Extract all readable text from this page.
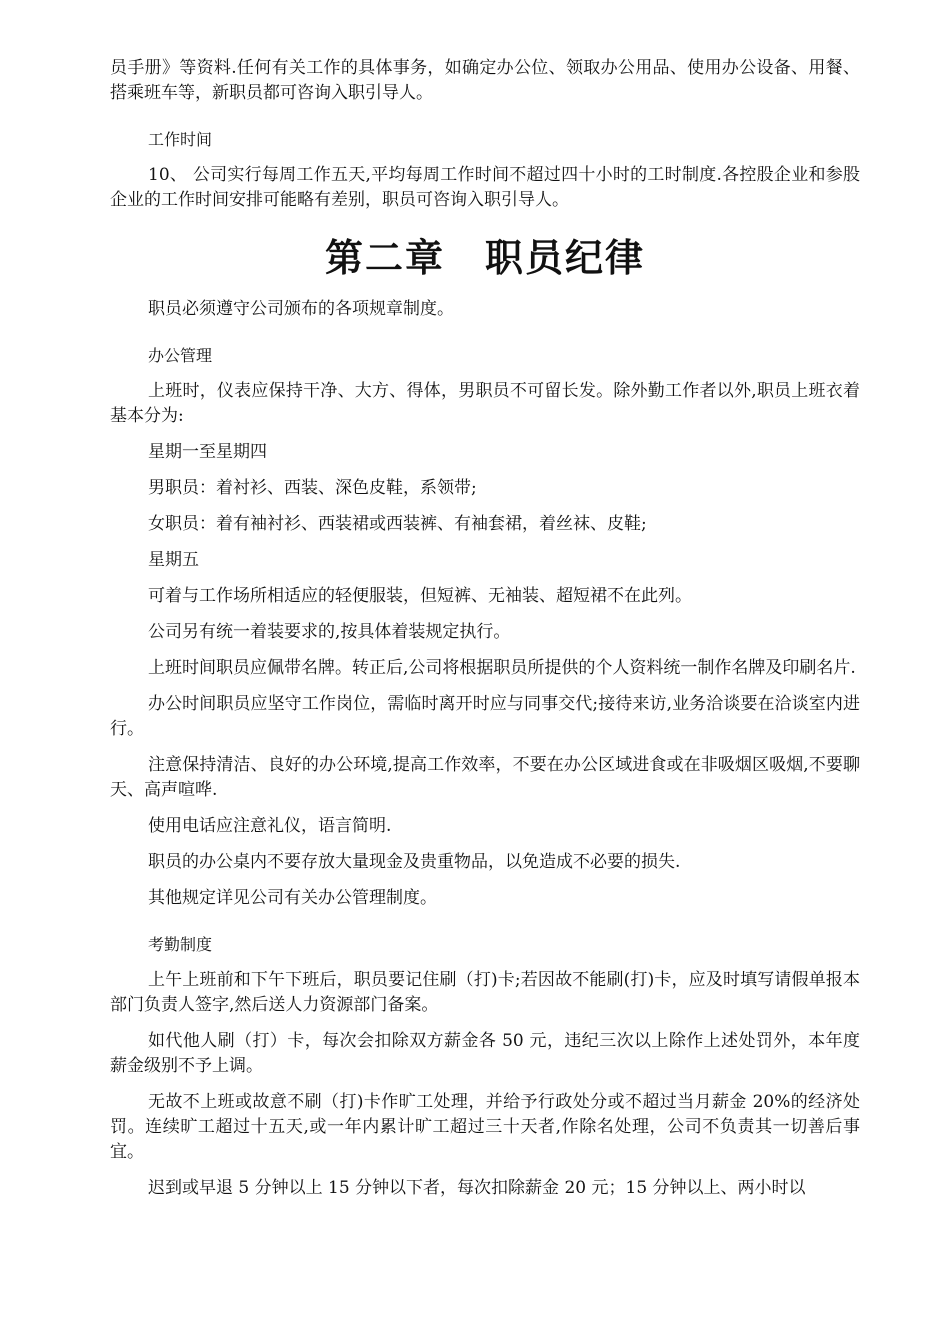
员手册》等资料.任何有关工作的具体事务，如确定办公位、领取办公用品、使用办公设备、用餐、搭乘班车等，新职员都可咨询入职引导人。

工作时间

10、 公司实行每周工作五天,平均每周工作时间不超过四十小时的工时制度.各控股企业和参股企业的工作时间安排可能略有差别，职员可咨询入职引导人。

第二章　职员纪律

职员必须遵守公司颁布的各项规章制度。

办公管理

上班时，仪表应保持干净、大方、得体，男职员不可留长发。除外勤工作者以外,职员上班衣着基本分为:

星期一至星期四

男职员：着衬衫、西装、深色皮鞋，系领带;

女职员：着有袖衬衫、西装裙或西装裤、有袖套裙，着丝袜、皮鞋;

星期五

可着与工作场所相适应的轻便服装，但短裤、无袖装、超短裙不在此列。

公司另有统一着装要求的,按具体着装规定执行。

上班时间职员应佩带名牌。转正后,公司将根据职员所提供的个人资料统一制作名牌及印刷名片.

办公时间职员应坚守工作岗位，需临时离开时应与同事交代;接待来访,业务洽谈要在洽谈室内进行。

注意保持清洁、良好的办公环境,提高工作效率，不要在办公区域进食或在非吸烟区吸烟,不要聊天、高声喧哗.

使用电话应注意礼仪，语言简明.

职员的办公桌内不要存放大量现金及贵重物品，以免造成不必要的损失.

其他规定详见公司有关办公管理制度。

考勤制度

上午上班前和下午下班后，职员要记住刷（打)卡;若因故不能刷(打)卡，应及时填写请假单报本部门负责人签字,然后送人力资源部门备案。

如代他人刷（打）卡，每次会扣除双方薪金各 50 元，违纪三次以上除作上述处罚外，本年度薪金级别不予上调。

无故不上班或故意不刷（打)卡作旷工处理，并给予行政处分或不超过当月薪金 20%的经济处罚。连续旷工超过十五天,或一年内累计旷工超过三十天者,作除名处理，公司不负责其一切善后事宜。

迟到或早退 5 分钟以上 15 分钟以下者，每次扣除薪金 20 元；15 分钟以上、两小时以
